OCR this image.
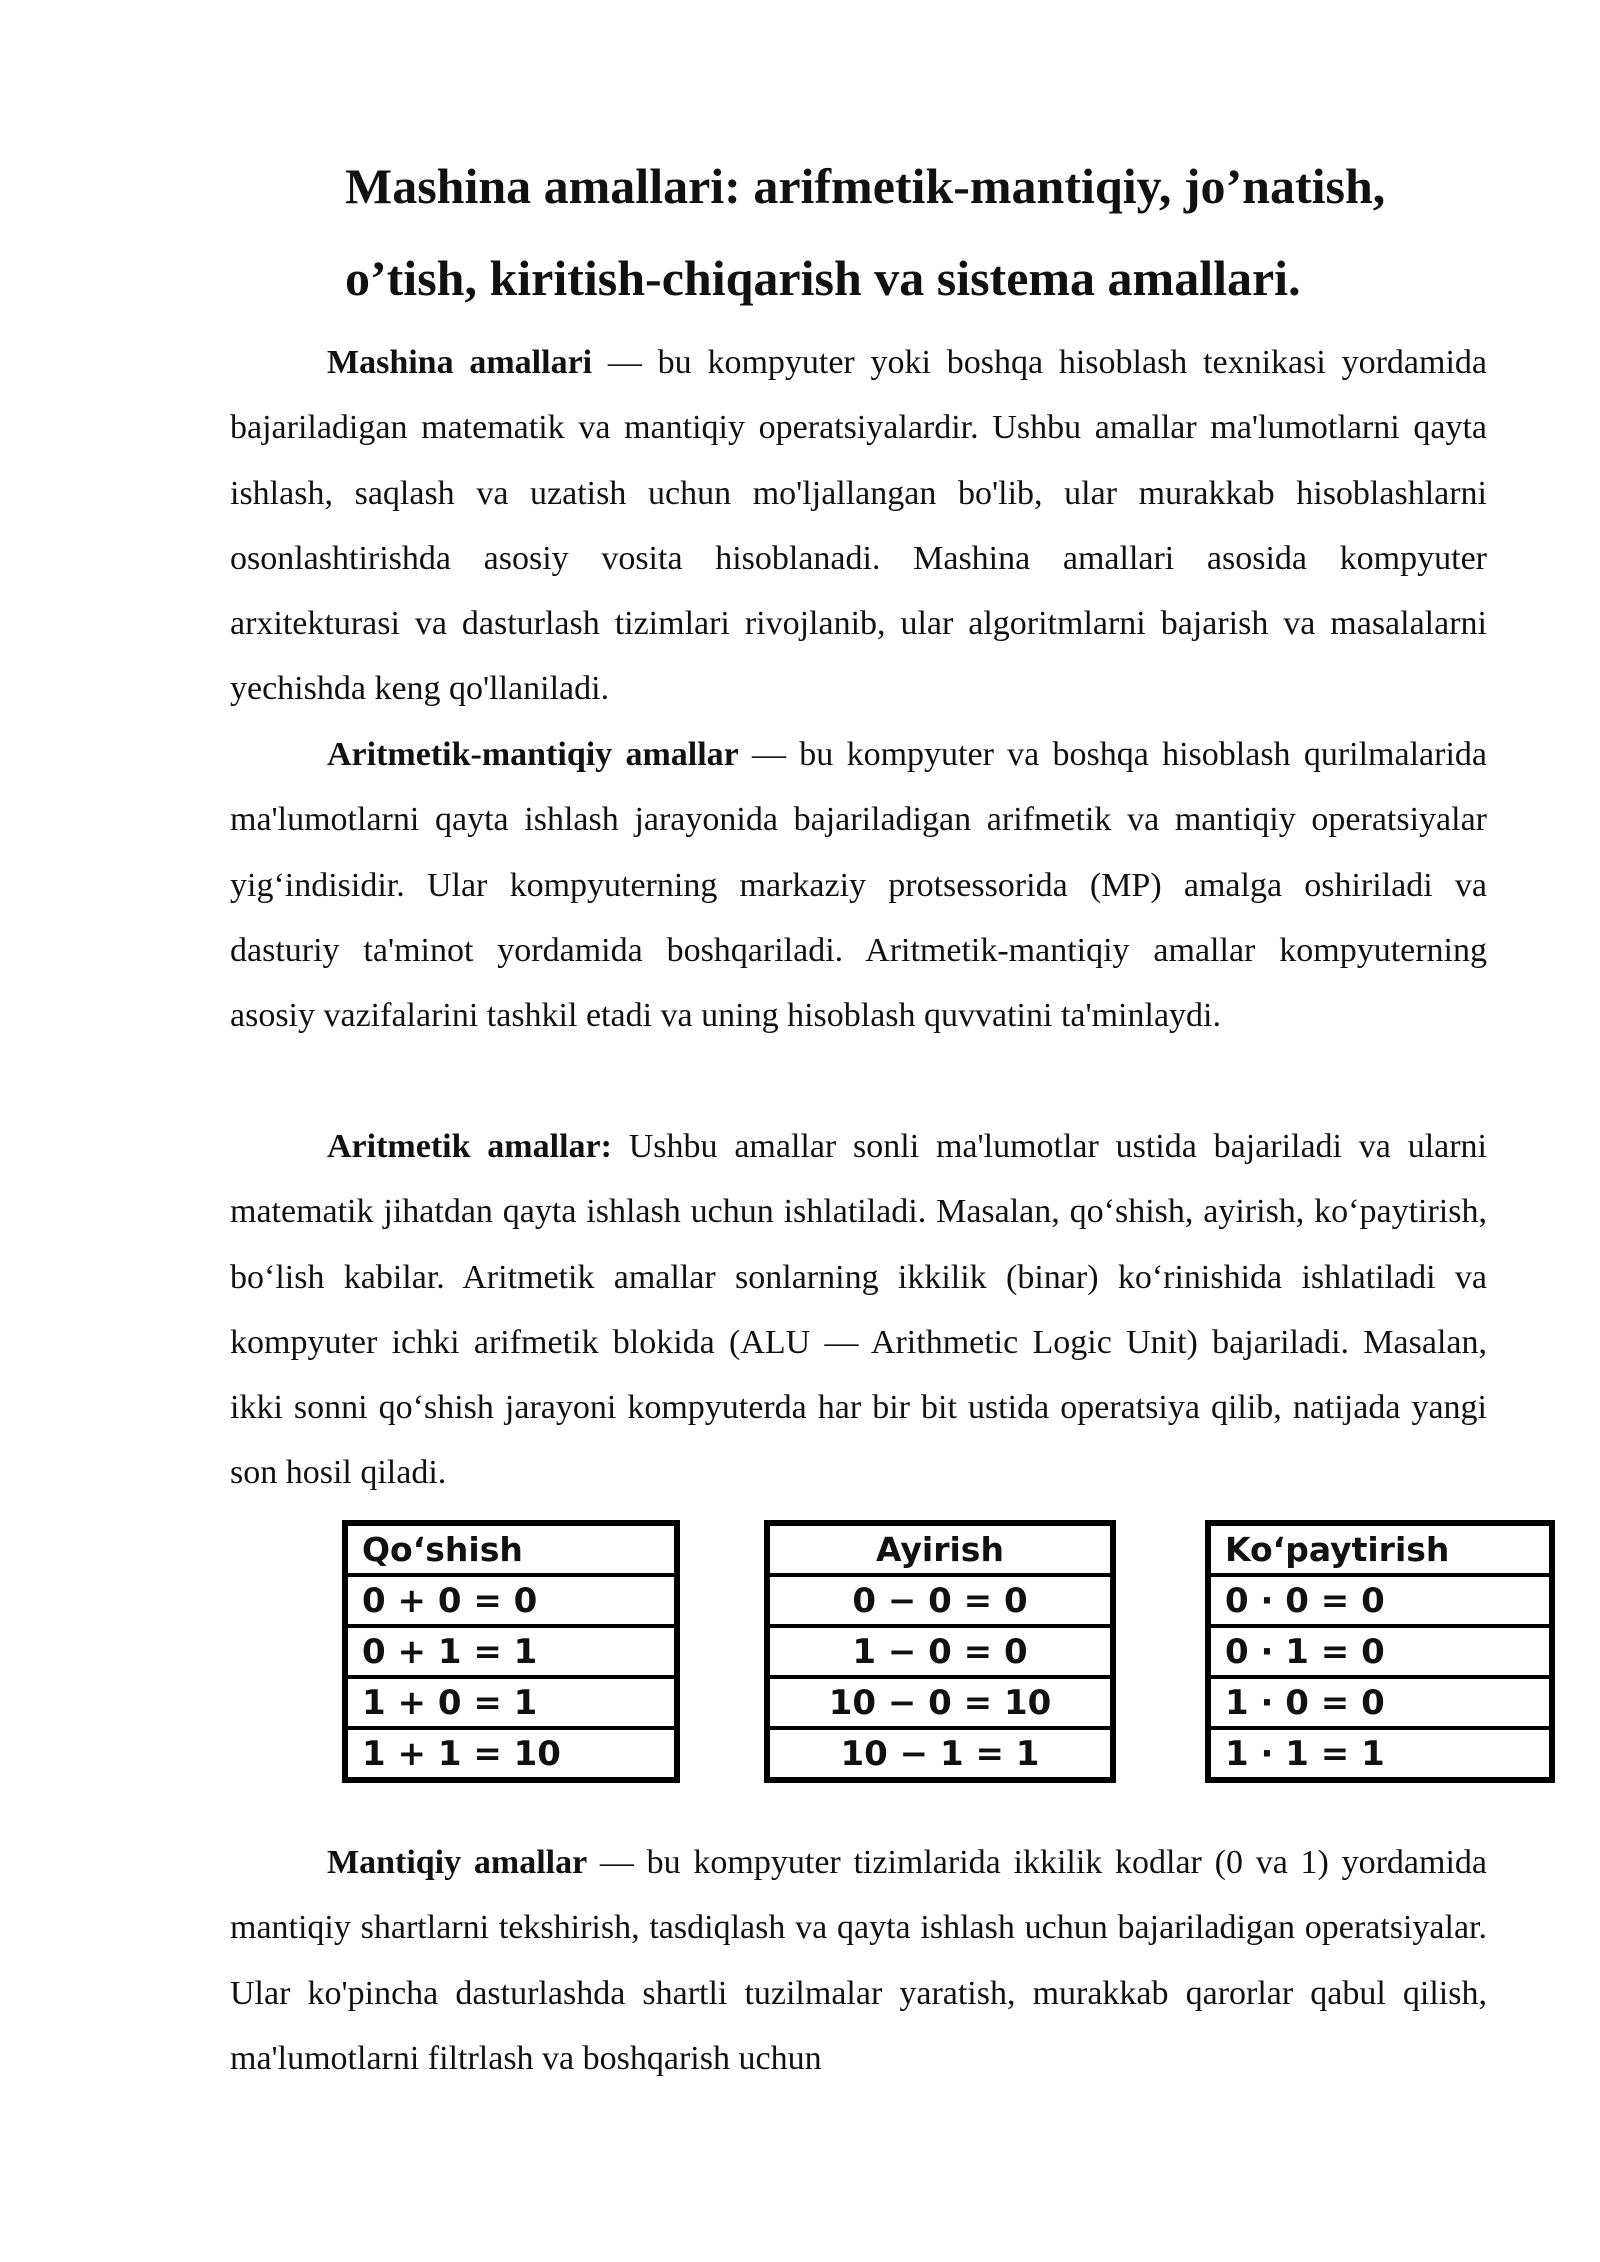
Mashina amallari: arifmetik-mantiqiy, jo’natish,
o’tish, kiritish-chiqarish va sistema amallari.

Mashina amallari — bu kompyuter yoki boshqa hisoblash texnikasi yordamida bajariladigan matematik va mantiqiy operatsiyalardir. Ushbu amallar ma'lumotlarni qayta ishlash, saqlash va uzatish uchun mo'ljallangan bo'lib, ular murakkab hisoblashlarni osonlashtirishda asosiy vosita hisoblanadi. Mashina amallari asosida kompyuter arxitekturasi va dasturlash tizimlari rivojlanib, ular algoritmlarni bajarish va masalalarni yechishda keng qo'llaniladi.

Aritmetik-mantiqiy amallar — bu kompyuter va boshqa hisoblash qurilmalarida ma'lumotlarni qayta ishlash jarayonida bajariladigan arifmetik va mantiqiy operatsiyalar yig‘indisidir. Ular kompyuterning markaziy protsessorida (MP) amalga oshiriladi va dasturiy ta'minot yordamida boshqariladi. Aritmetik-mantiqiy amallar kompyuterning asosiy vazifalarini tashkil etadi va uning hisoblash quvvatini ta'minlaydi.

Aritmetik amallar: Ushbu amallar sonli ma'lumotlar ustida bajariladi va ularni matematik jihatdan qayta ishlash uchun ishlatiladi. Masalan, qo‘shish, ayirish, ko‘paytirish, bo‘lish kabilar. Aritmetik amallar sonlarning ikkilik (binar) ko‘rinishida ishlatiladi va kompyuter ichki arifmetik blokida (ALU — Arithmetic Logic Unit) bajariladi. Masalan, ikki sonni qo‘shish jarayoni kompyuterda har bir bit ustida operatsiya qilib, natijada yangi son hosil qiladi.

Qo‘shish
0 + 0 = 0
0 + 1 = 1
1 + 0 = 1
1 + 1 = 10
Ayirish
0 − 0 = 0
1 − 0 = 0
10 − 0 = 10
10 − 1 = 1
Ko‘paytirish
0 · 0 = 0
0 · 1 = 0
1 · 0 = 0
1 · 1 = 1

Mantiqiy amallar — bu kompyuter tizimlarida ikkilik kodlar (0 va 1) yordamida mantiqiy shartlarni tekshirish, tasdiqlash va qayta ishlash uchun bajariladigan operatsiyalar. Ular ko'pincha dasturlashda shartli tuzilmalar yaratish, murakkab qarorlar qabul qilish, ma'lumotlarni filtrlash va boshqarish uchun
